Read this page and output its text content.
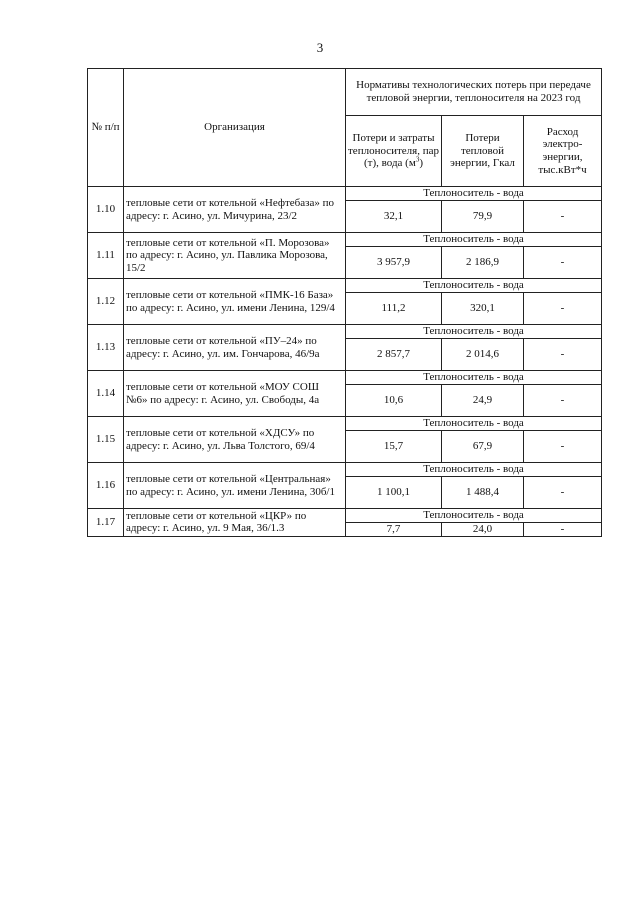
3
№ п/п	Организация	Нормативы технологических потерь при передаче тепловой энергии, теплоносителя на 2023 год		
		Потери и затраты теплоносителя, пар (т), вода $(м^3)$	Потери тепловой энергии, Гкал	Расход электро-энергии, тыс.кВт*ч
1.10	тепловые сети от котельной «Нефтебаза» по адресу: г. Асино, ул. Мичурина, 23/2	Теплоноситель - вода		
		32,1	79,9	-
1.11	тепловые сети от котельной «П. Морозова» по адресу: г. Асино, ул. Павлика Морозова, 15/2	Теплоноситель - вода		
		3 957,9	2 186,9	-
1.12	тепловые сети от котельной «ПМК-16 База» по адресу: г. Асино, ул. имени Ленина, 129/4	Теплоноситель - вода		
		111,2	320,1	-
1.13	тепловые сети от котельной «ПУ–24» по адресу: г. Асино, ул. им. Гончарова, 46/9а	Теплоноситель - вода		
		2 857,7	2 014,6	-
1.14	тепловые сети от котельной «МОУ СОШ №6» по адресу: г. Асино, ул. Свободы, 4а	Теплоноситель - вода		
		10,6	24,9	-
1.15	тепловые сети от котельной «ХДСУ» по адресу: г. Асино, ул. Льва Толстого, 69/4	Теплоноситель - вода		
		15,7	67,9	-
1.16	тепловые сети от котельной «Центральная» по адресу: г. Асино, ул. имени Ленина, 30б/1	Теплоноситель - вода		
		1 100,1	1 488,4	-
1.17	тепловые сети от котельной «ЦКР» по адресу: г. Асино, ул. 9 Мая, 36/1.3	Теплоноситель - вода		
		7,7	24,0	-
